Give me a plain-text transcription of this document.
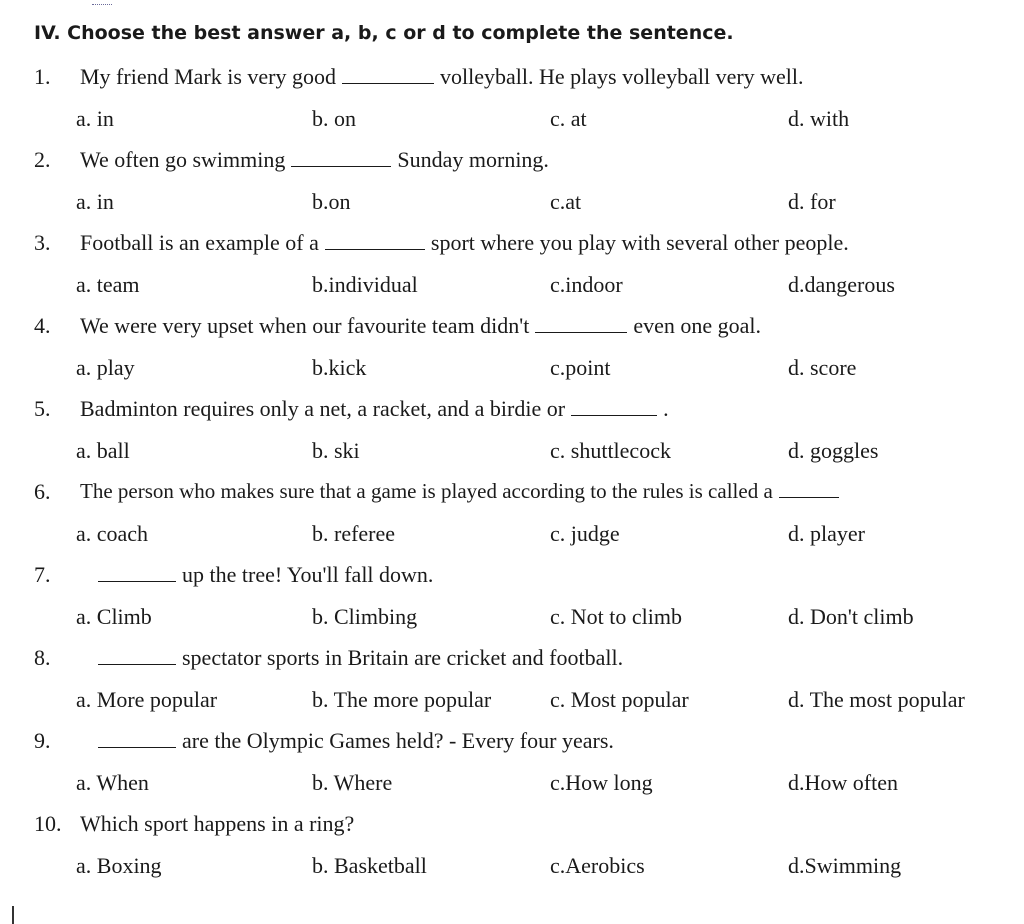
IV. Choose the best answer a, b, c or d to complete the sentence.
1. My friend Mark is very good	volleyball. He plays volleyball very well.
a. in	b. on	c. at	d. with
2. We often go swimming	Sunday morning.
a. in	b.on	c.at	d. for
3. Football is an example of a	sport where you play with several other people.
a. team	b.individual	c.indoor	d.dangerous
4. We were very upset when our favourite team didn't	even one goal.
a. play	b.kick	c.point	d. score
5. Badminton requires only a net, a racket, and a birdie or	.
a. ball	b. ski	c. shuttlecock	d. goggles
6. The person who makes sure that a game is played according to the rules is called a
a. coach	b. referee	c. judge	d. player
7.	up the tree! You'll fall down.
a. Climb	b. Climbing	c. Not to climb	d. Don't climb
8.	spectator sports in Britain are cricket and football.
a. More popular	b. The more popular	c. Most popular	d. The most popular
9.	are the Olympic Games held? - Every four years.
a. When	b. Where	c.How long	d.How often
10. Which sport happens in a ring?
a. Boxing	b. Basketball	c.Aerobics	d.Swimming
